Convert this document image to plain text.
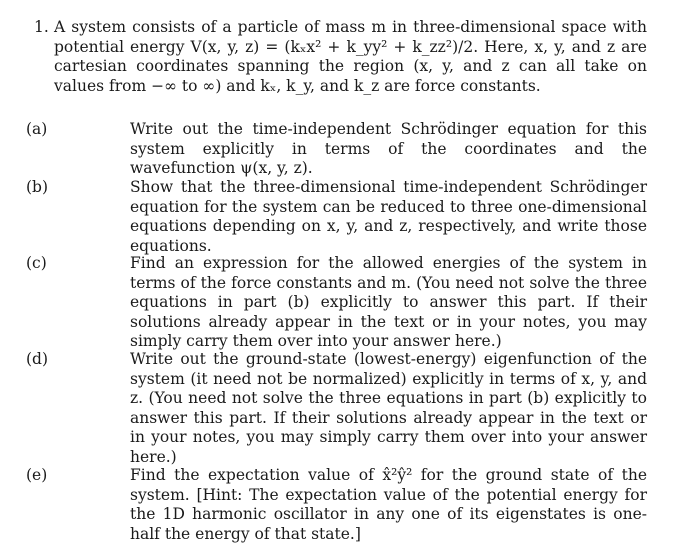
1. A system consists of a particle of mass m in three-dimensional space with potential energy V(x, y, z) = (kₓx² + k_yy² + k_zz²)/2. Here, x, y, and z are cartesian coordinates spanning the region (x, y, and z can all take on values from −∞ to ∞) and kₓ, k_y, and k_z are force constants.
(a)	Write out the time-independent Schrödinger equation for this system explicitly in terms of the coordinates and the wavefunction ψ(x, y, z).
(b)	Show that the three-dimensional time-independent Schrödinger equation for the system can be reduced to three one-dimensional equations depending on x, y, and z, respectively, and write those equations.
(c)	Find an expression for the allowed energies of the system in terms of the force constants and m. (You need not solve the three equations in part (b) explicitly to answer this part. If their solutions already appear in the text or in your notes, you may simply carry them over into your answer here.)
(d)	Write out the ground-state (lowest-energy) eigenfunction of the system (it need not be normalized) explicitly in terms of x, y, and z. (You need not solve the three equations in part (b) explicitly to answer this part. If their solutions already appear in the text or in your notes, you may simply carry them over into your answer here.)
(e)	Find the expectation value of x̂²ŷ² for the ground state of the system. [Hint: The expectation value of the potential energy for the 1D harmonic oscillator in any one of its eigenstates is one-half the energy of that state.]
